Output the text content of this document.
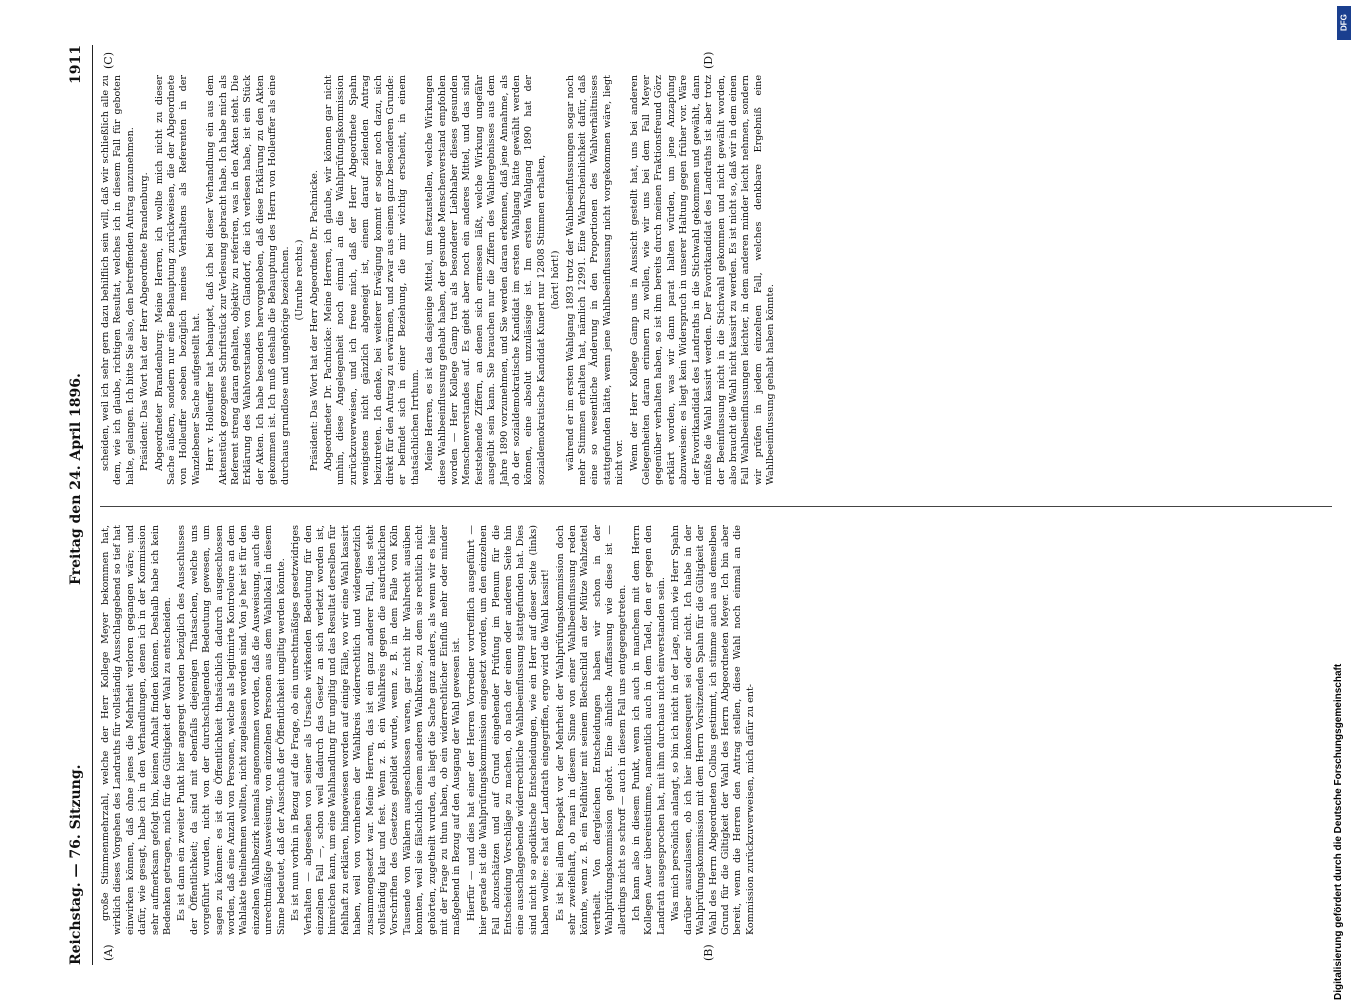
Reichstag. — 76. Sitzung.
Freitag den 24. April 1896.
1911
(A)	(B)
(C)	(D)

große Stimmenmehrzahl, welche der Herr Kollege Meyer bekommen hat, wirklich dieses Vorgehen des Landraths für vollständig Ausschlaggebend so tief hat einwirken können, daß ohne jenes die Mehrheit verloren gegangen wäre; und dafür, wie gesagt, habe ich in den Verhandlungen, denen ich in der Kommission sehr aufmerksam gefolgt bin, keinen Anhalt finden können. Deshalb habe ich kein Bedenken getragen, mich für die Gültigkeit der Wahl zu entscheiden. Es ist dann ein zweiter Punkt hier angeregt worden bezüglich des Ausschlusses der Öffentlichkeit; da sind mit ebenfalls diejenigen Thatsachen, welche uns vorgeführt wurden, nicht von der durchschlagenden Bedeutung gewesen, um sagen zu können: es ist die Öffentlichkeit thatsächlich dadurch ausgeschlossen worden, daß eine Anzahl von Personen, welche als legitimirte Kontroleure an dem Wahlakte theilnehmen wollten, nicht zugelassen worden sind. Von je her ist für den einzelnen Wahlbezirk niemals angenommen worden, daß die Ausweisung, auch die unrechtmäßige Ausweisung, von einzelnen Personen aus dem Wahllokal in diesem Sinne bedeutet, daß der Ausschuß der Öffentlichkeit ungiltig werden könnte. Es ist nun vorhin in Bezug auf die Frage, ob ein unrechtmäßiges gesetzwidriges Verhalten — abgesehen von seiner als Ursache wirkenden Bedeutung für den einzelnen Fall —, schon weil dadurch das Gesetz an sich verletzt worden ist, hinreichen kann, um eine Wahlhandlung für ungiltig und das Resultat derselben für fehlhaft zu erklären, hingewiesen worden auf einige Fälle, wo wir eine Wahl kassirt haben, weil von vornherein der Wahlkreis widerrechtlich und widergesetzlich zusammengesetzt war. Meine Herren, das ist ein ganz anderer Fall, dies steht vollständig klar und fest. Wenn z. B. ein Wahlkreis gegen die ausdrücklichen Vorschriften des Gesetzes gebildet wurde, wenn z. B. in dem Falle von Köln Tausende von Wählern ausgeschlossen waren, gar nicht ihr Wahlrecht ausüben konnten, weil sie fälschlich einem anderen Wahlkreise, zu dem sie rechtlich nicht gehörten, zugetheilt wurden, da liegt die Sache ganz anders, als wenn wir es hier mit der Frage zu thun haben, ob ein widerrechtlicher Einfluß mehr oder minder maßgebend in Bezug auf den Ausgang der Wahl gewesen ist. Hierfür — und dies hat einer der Herren Vorredner vortrefflich ausgeführt — hier gerade ist die Wahlprüfungskommission eingesetzt worden, um den einzelnen Fall abzuschätzen und auf Grund eingehender Prüfung im Plenum für die Entscheidung Vorschläge zu machen, ob nach der einen oder anderen Seite hin eine ausschlaggebende widerrechtliche Wahlbeeinflussung stattgefunden hat. Dies sind nicht so apodiktische Entscheidungen, wie ein Herr auf dieser Seite (links) haben wollte: es hat der Landrath eingegriffen, ergo wird die Wahl kassirt! Es ist bei allem Respekt vor der Mehrheit der Wahlprüfungskommission doch sehr zweifelhaft, ob man in diesem Sinne von einer Wahlbeeinflussung reden könnte, wenn z. B. ein Feldhüter mit seinem Blechschild an der Mütze Wahlzettel vertheilt. Von dergleichen Entscheidungen haben wir schon in der Wahlprüfungskommission gehört. Eine ähnliche Auffassung wie diese ist — allerdings nicht so schroff — auch in diesem Fall uns entgegengetreten. Ich kann also in diesem Punkt, wenn ich auch in manchem mit dem Herrn Kollegen Auer übereinstimme, namentlich auch in dem Tadel, den er gegen den Landrath ausgesprochen hat, mit ihm durchaus nicht einverstanden sein. Was mich persönlich anlangt, so bin ich nicht in der Lage, mich wie Herr Spahn darüber auszulassen, ob ich hier inkonsequent sei oder nicht. Ich habe in der Wahlprüfungskommission mit dem Herrn Vorsitzenden Spahn für die Gültigkeit der Wahl des Herrn Abgeordneten Colbus gestimmt, ich stimme auch aus demselben Grund für die Giltigkeit der Wahl des Herrn Abgeordneten Meyer. Ich bin aber bereit, wenn die Herren den Antrag stellen, diese Wahl noch einmal an die Kommission zurückzuverweisen, mich dafür zu ent-

scheiden, weil ich sehr gern dazu behilflich sein will, daß wir schließlich alle zu dem, wie ich glaube, richtigen Resultat, welches ich in diesem Fall für geboten halte, gelangen. Ich bitte Sie also, den betreffenden Antrag anzunehmen. Präsident: Das Wort hat der Herr Abgeordnete Brandenburg. Abgeordneter Brandenburg: Meine Herren, ich wollte mich nicht zu dieser Sache äußern, sondern nur eine Behauptung zurückweisen, die der Abgeordnete von Holleuffer soeben bezüglich meines Verhaltens als Referenten in der Wanzlebener Sache aufgestellt hat. Herr v. Holleuffer hat behauptet, daß ich bei dieser Verhandlung ein aus dem Aktenstück gezogenes Schriftstück zur Verlesung gebracht habe. Ich habe mich als Referent streng daran gehalten, objektiv zu referiren, was in den Akten steht. Die Erklärung des Wahlvorstandes von Glandorf, die ich verlesen habe, ist ein Stück der Akten. Ich habe besonders hervorgehoben, daß diese Erklärung zu den Akten gekommen ist. Ich muß deshalb die Behauptung des Herrn von Holleuffer als eine durchaus grundlose und ungehörige bezeichnen. (Unruhe rechts.) Präsident: Das Wort hat der Herr Abgeordnete Dr. Pachnicke. Abgeordneter Dr. Pachnicke: Meine Herren, ich glaube, wir können gar nicht umhin, diese Angelegenheit noch einmal an die Wahlprüfungskommission zurückzuverweisen, und ich freue mich, daß der Herr Abgeordnete Spahn wenigstens nicht gänzlich abgeneigt ist, einem darauf zielenden Antrag beizutreten. Ich denke, bei weiterer Erwägung kommt er sogar noch dazu, sich direkt für den Antrag zu erwärmen, und zwar aus einem ganz besonderen Grunde: er befindet sich in einer Beziehung, die mir wichtig erscheint, in einem thatsächlichen Irrthum. Meine Herren, es ist das dasjenige Mittel, um festzustellen, welche Wirkungen diese Wahlbeeinflussung gehabt haben, der gesunde Menschenverstand empfohlen worden — Herr Kollege Gamp trat als besonderer Liebhaber dieses gesunden Menschenverstandes auf. Es giebt aber noch ein anderes Mittel, und das sind feststehende Ziffern, an denen sich ermessen läßt, welche Wirkung ungefähr ausgeübt sein kann. Sie brauchen nur die Ziffern des Wahlergebnisses aus dem Jahre 1890 vorzunehmen, und Sie werden daran erkennen, daß jene Annahme, als ob der sozialdemokratische Kandidat im ersten Wahlgang hätte gewählt werden können, eine absolut unzulässige ist. Im ersten Wahlgang 1890 hat der sozialdemokratische Kandidat Kunert nur 12808 Stimmen erhalten, (hört! hört!) während er im ersten Wahlgang 1893 trotz der Wahlbeeinflussungen sogar noch mehr Stimmen erhalten hat, nämlich 12991. Eine Wahrscheinlichkeit dafür, daß eine so wesentliche Änderung in den Proportionen des Wahlverhältnisses stattgefunden hätte, wenn jene Wahlbeeinflussung nicht vorgekommen wäre, liegt nicht vor. Wenn der Herr Kollege Gamp uns in Aussicht gestellt hat, uns bei anderen Gelegenheiten daran erinnern zu wollen, wie wir uns bei dem Fall Meyer gegenüber verhalten haben, so ist ihm bereits durch meinen Fraktionsfreund Görz erklärt worden, was wir dann parat halten würden, um jene Anzapfung abzuweisen: es liegt kein Widerspruch in unserer Haltung gegen früher vor. Wäre der Favoritkandidat des Landraths in die Stichwahl gekommen und gewählt, dann müßte die Wahl kassirt werden. Der Favoritkandidat des Landraths ist aber trotz der Beeinflussung nicht in die Stichwahl gekommen und nicht gewählt worden, also braucht die Wahl nicht kassirt zu werden. Es ist nicht so, daß wir in dem einen Fall Wahlbeeinflussungen leichter, in dem anderen minder leicht nehmen, sondern wir prüfen in jedem einzelnen Fall, welches denkbare Ergebniß eine Wahlbeeinflussung gehabt haben könnte.

DFG
Digitalisierung gefördert durch die Deutsche Forschungsgemeinschaft
